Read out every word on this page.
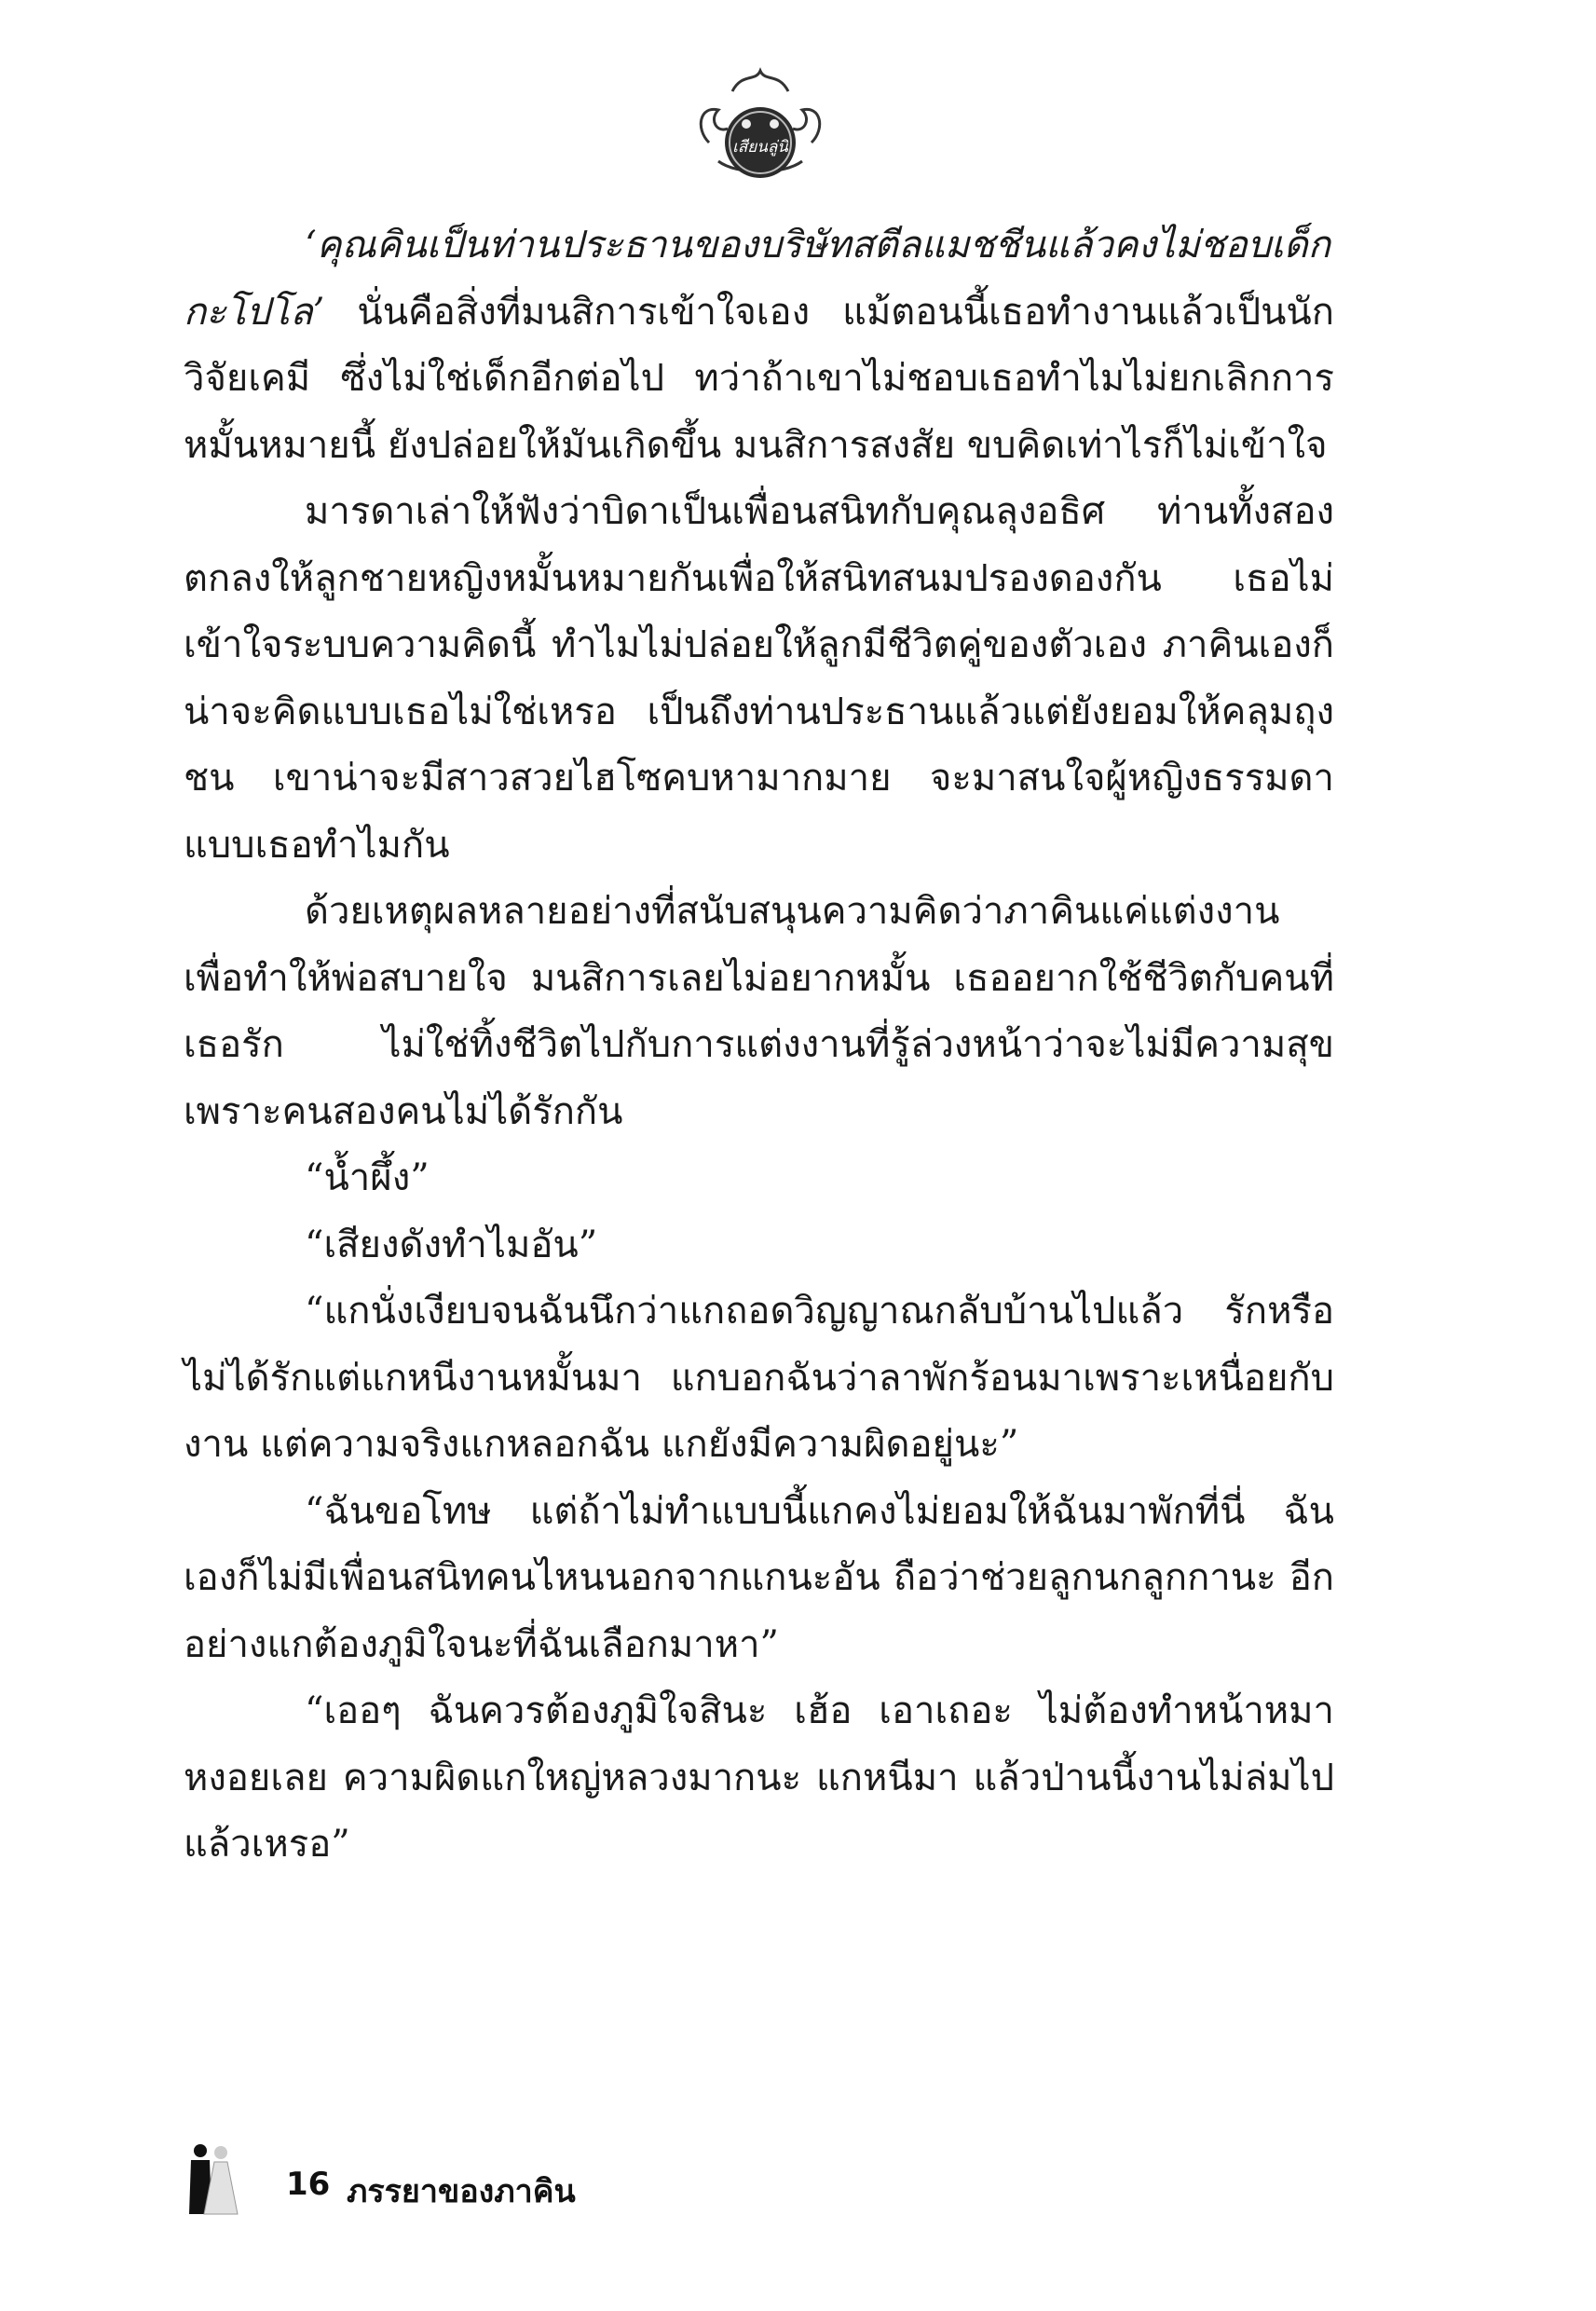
เสียนลู่นิ

‘คุณคินเป็นท่านประธานของบริษัทสตีลแมชชีนแล้วคงไม่ชอบเด็กกะโปโล’ นั่นคือสิ่งที่มนสิการเข้าใจเอง แม้ตอนนี้เธอทำงานแล้วเป็นนักวิจัยเคมี ซึ่งไม่ใช่เด็กอีกต่อไป ทว่าถ้าเขาไม่ชอบเธอทำไมไม่ยกเลิกการหมั้นหมายนี้ ยังปล่อยให้มันเกิดขึ้น มนสิการสงสัย ขบคิดเท่าไรก็ไม่เข้าใจ

มารดาเล่าให้ฟังว่าบิดาเป็นเพื่อนสนิทกับคุณลุงอธิศ ท่านทั้งสองตกลงให้ลูกชายหญิงหมั้นหมายกันเพื่อให้สนิทสนมปรองดองกัน เธอไม่เข้าใจระบบความคิดนี้ ทำไมไม่ปล่อยให้ลูกมีชีวิตคู่ของตัวเอง ภาคินเองก็น่าจะคิดแบบเธอไม่ใช่เหรอ เป็นถึงท่านประธานแล้วแต่ยังยอมให้คลุมถุงชน เขาน่าจะมีสาวสวยไฮโซคบหามากมาย จะมาสนใจผู้หญิงธรรมดาแบบเธอทำไมกัน

ด้วยเหตุผลหลายอย่างที่สนับสนุนความคิดว่าภาคินแค่แต่งงานเพื่อทำให้พ่อสบายใจ มนสิการเลยไม่อยากหมั้น เธออยากใช้ชีวิตกับคนที่เธอรัก ไม่ใช่ทิ้งชีวิตไปกับการแต่งงานที่รู้ล่วงหน้าว่าจะไม่มีความสุข เพราะคนสองคนไม่ได้รักกัน

“น้ำผึ้ง”

“เสียงดังทำไมอัน”

“แกนั่งเงียบจนฉันนึกว่าแกถอดวิญญาณกลับบ้านไปแล้ว รักหรือไม่ได้รักแต่แกหนีงานหมั้นมา แกบอกฉันว่าลาพักร้อนมาเพราะเหนื่อยกับงาน แต่ความจริงแกหลอกฉัน แกยังมีความผิดอยู่นะ”

“ฉันขอโทษ แต่ถ้าไม่ทำแบบนี้แกคงไม่ยอมให้ฉันมาพักที่นี่ ฉันเองก็ไม่มีเพื่อนสนิทคนไหนนอกจากแกนะอัน ถือว่าช่วยลูกนกลูกกานะ อีกอย่างแกต้องภูมิใจนะที่ฉันเลือกมาหา”

“เออๆ ฉันควรต้องภูมิใจสินะ เฮ้อ เอาเถอะ ไม่ต้องทำหน้าหมาหงอยเลย ความผิดแกใหญ่หลวงมากนะ แกหนีมา แล้วป่านนี้งานไม่ล่มไปแล้วเหรอ”

16 ภรรยาของภาคิน
